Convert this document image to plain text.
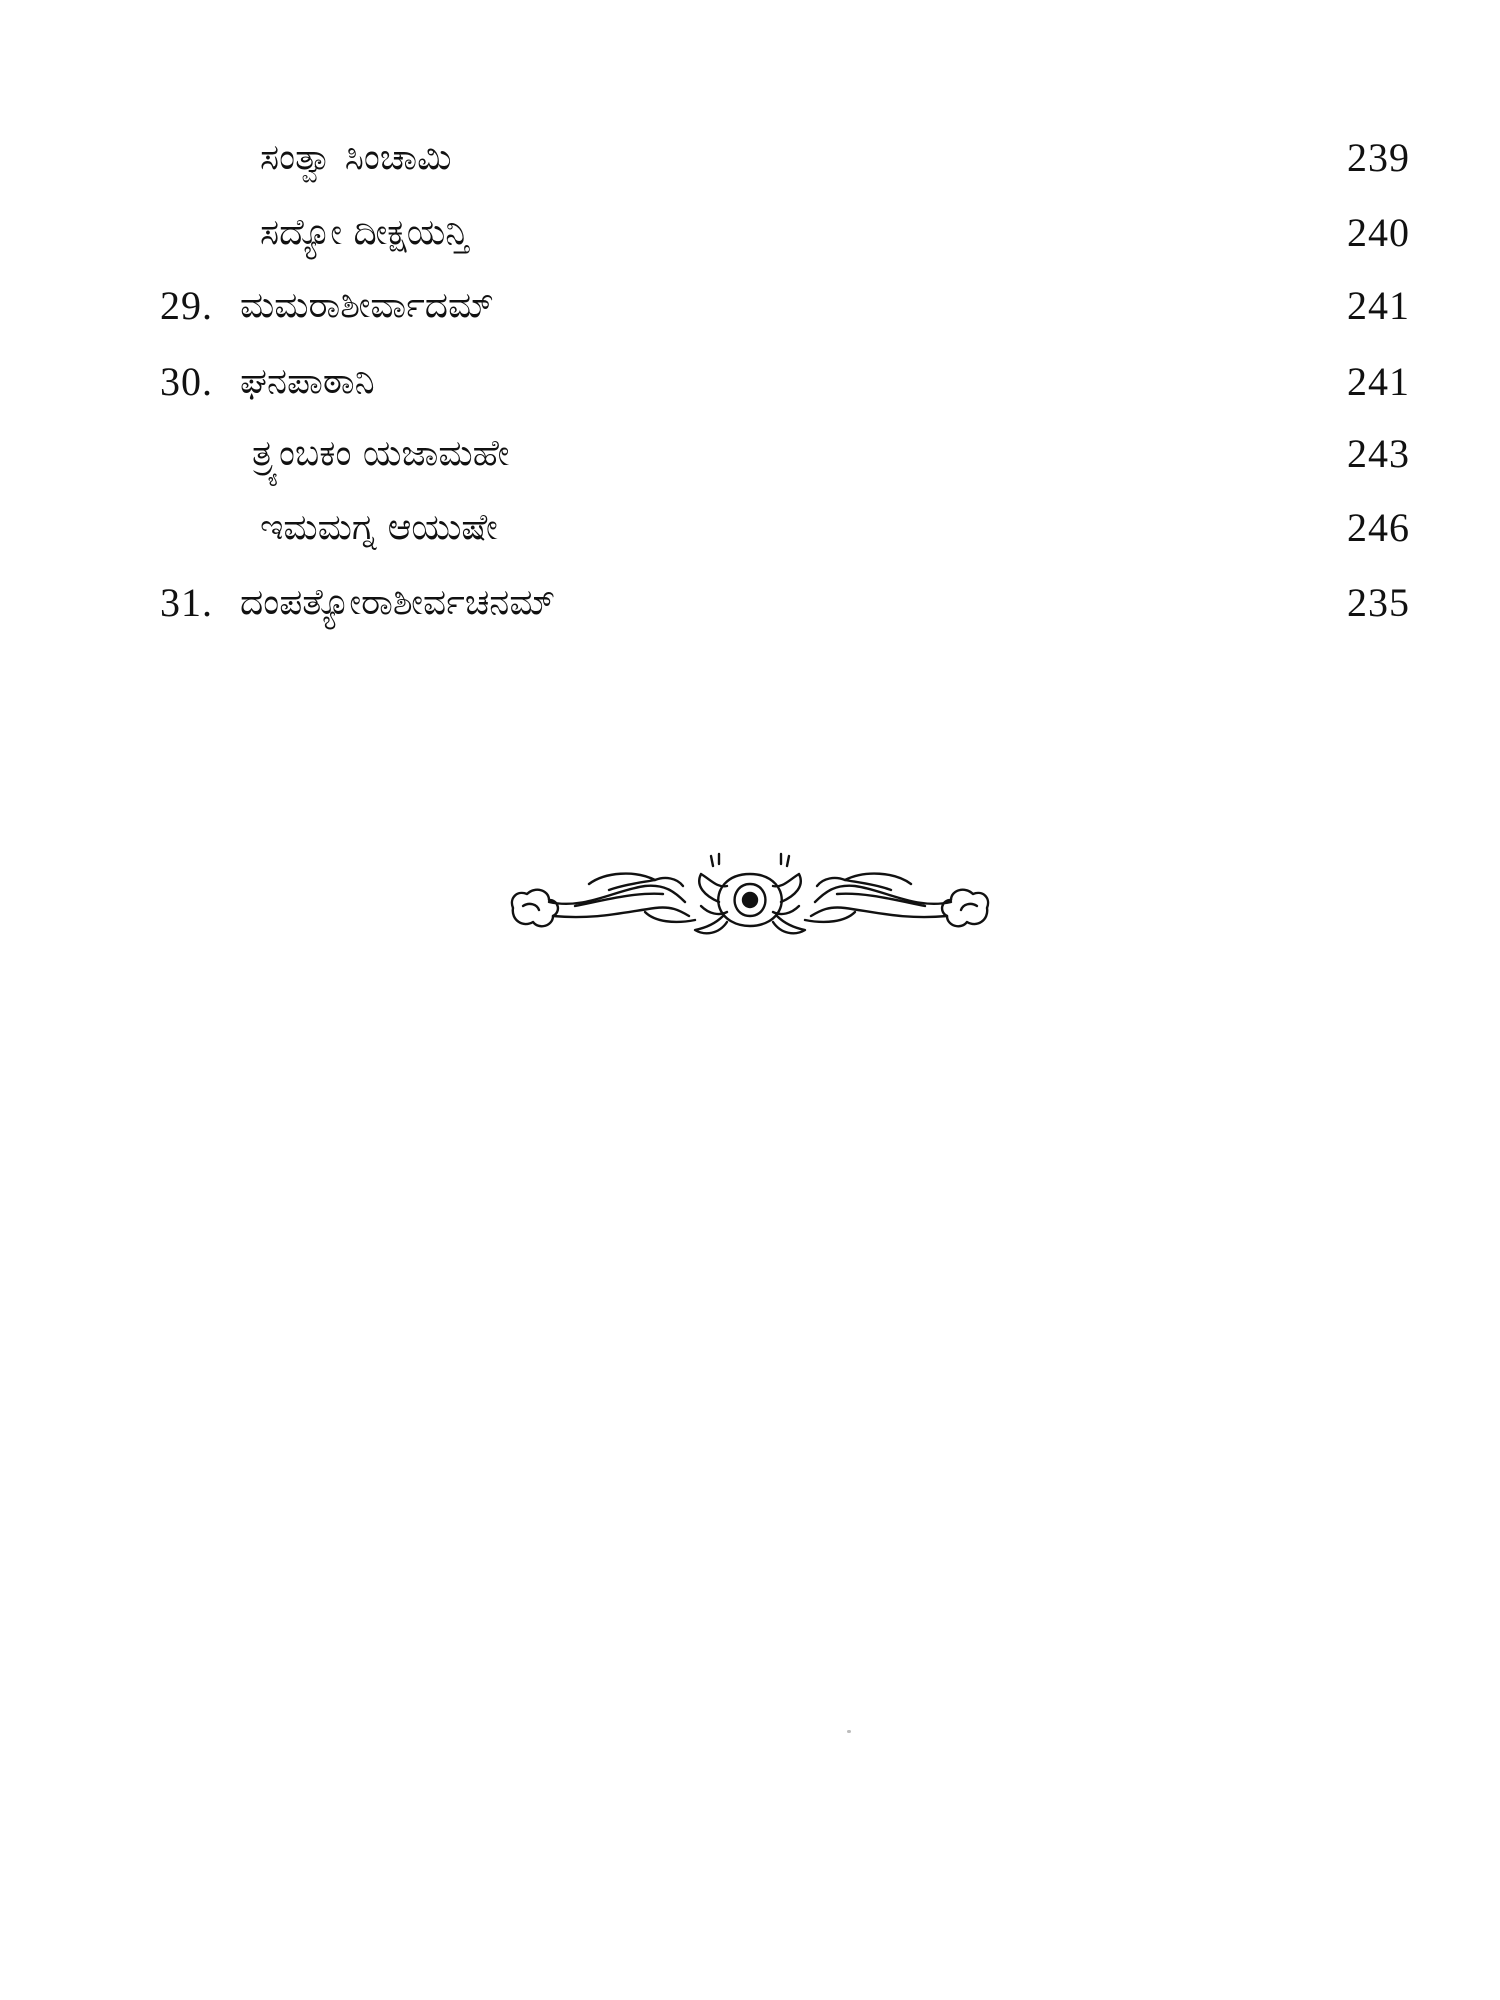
ಸಂತ್ವಾ ಸಿಂಚಾಮಿ	239
ಸದ್ಯೋ ದೀಕ್ಷಯನ್ತಿ	240
29. ಮಮರಾಶೀರ್ವಾದಮ್	241
30. ಘನಪಾಠಾನಿ	241
ತ್ರ್ಯಂಬಕಂ ಯಜಾಮಹೇ	243
ಇಮಮಗ್ನ ಆಯುಷೇ	246
31. ದಂಪತ್ಯೋರಾಶೀರ್ವಚನಮ್	235
